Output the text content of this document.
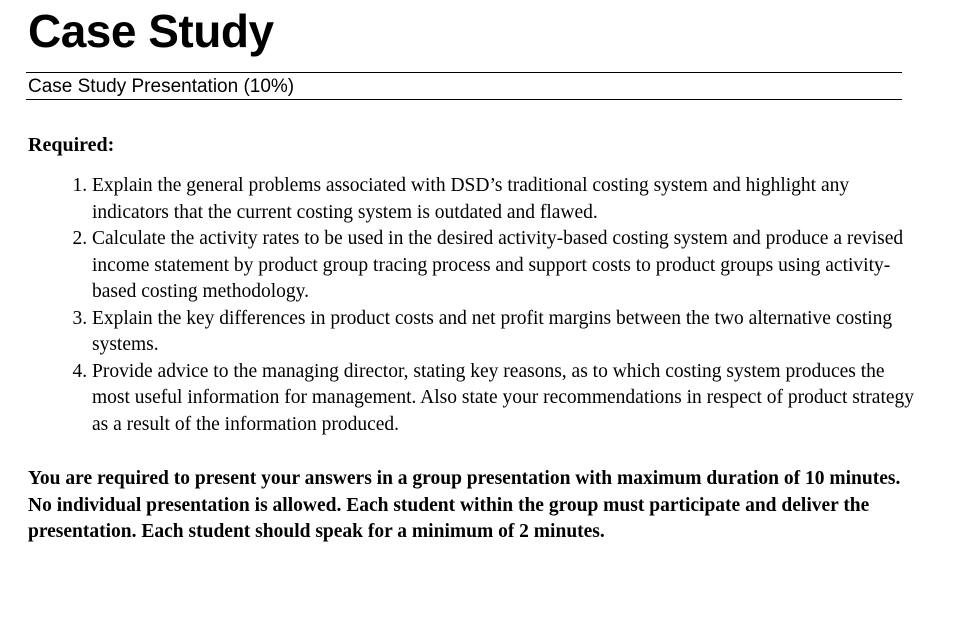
Case Study
Case Study Presentation (10%)
Required:
1. Explain the general problems associated with DSD’s traditional costing system and highlight any indicators that the current costing system is outdated and flawed.
2. Calculate the activity rates to be used in the desired activity-based costing system and produce a revised income statement by product group tracing process and support costs to product groups using activity-based costing methodology.
3. Explain the key differences in product costs and net profit margins between the two alternative costing systems.
4. Provide advice to the managing director, stating key reasons, as to which costing system produces the most useful information for management. Also state your recommendations in respect of product strategy as a result of the information produced.
You are required to present your answers in a group presentation with maximum duration of 10 minutes. No individual presentation is allowed. Each student within the group must participate and deliver the presentation. Each student should speak for a minimum of 2 minutes.
